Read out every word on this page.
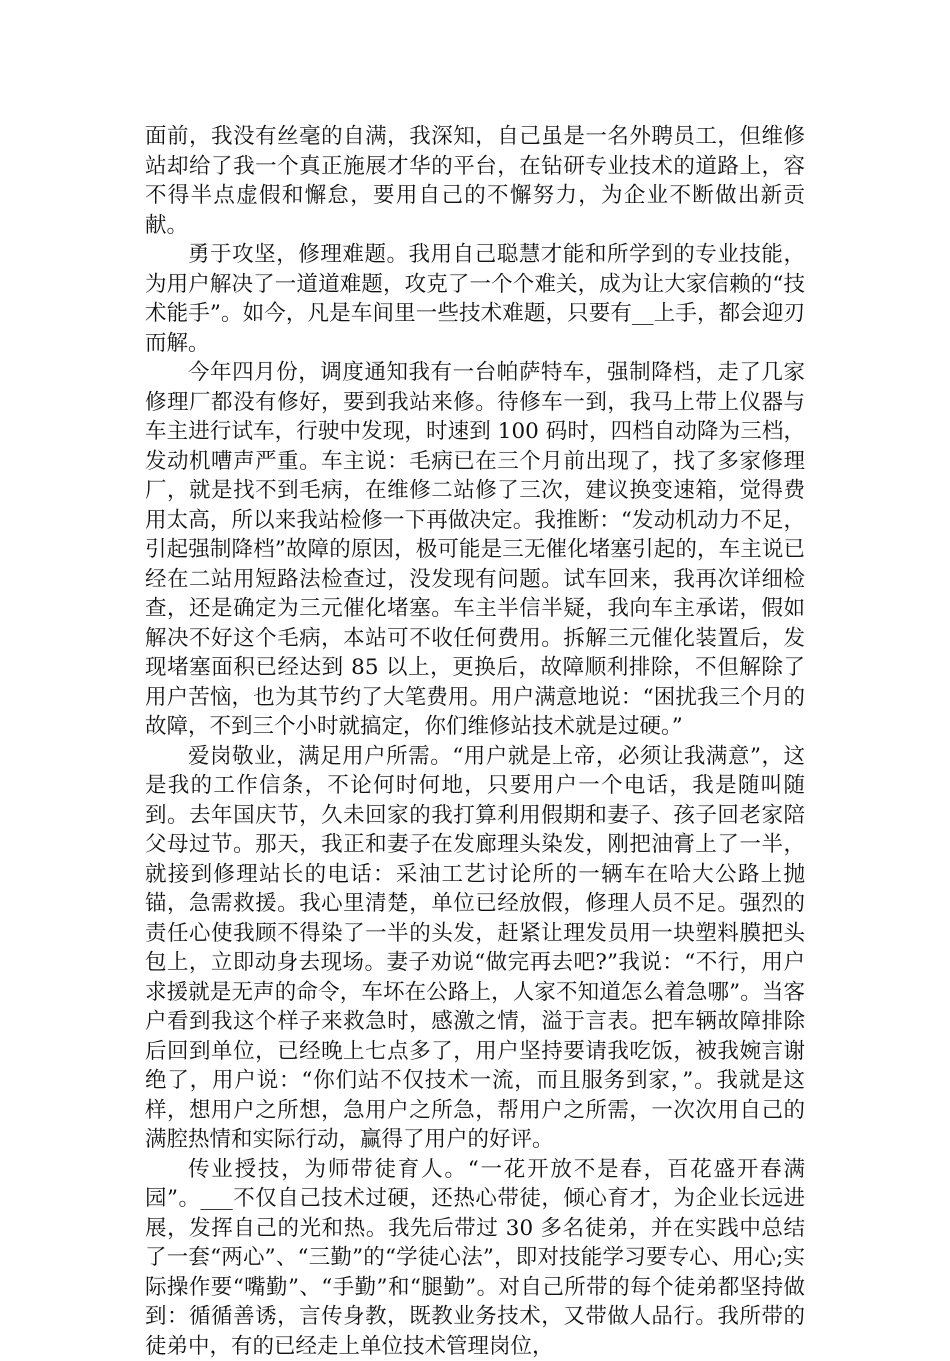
面前，我没有丝毫的自满，我深知，自己虽是一名外聘员工，但维修站却给了我一个真正施展才华的平台，在钻研专业技术的道路上，容不得半点虚假和懈怠，要用自己的不懈努力，为企业不断做出新贡献。

勇于攻坚，修理难题。我用自己聪慧才能和所学到的专业技能，为用户解决了一道道难题，攻克了一个个难关，成为让大家信赖的“技术能手”。如今，凡是车间里一些技术难题，只要有__上手，都会迎刃而解。

今年四月份，调度通知我有一台帕萨特车，强制降档，走了几家修理厂都没有修好，要到我站来修。待修车一到，我马上带上仪器与车主进行试车，行驶中发现，时速到 100 码时，四档自动降为三档，发动机嘈声严重。车主说：毛病已在三个月前出现了，找了多家修理厂，就是找不到毛病，在维修二站修了三次，建议换变速箱，觉得费用太高，所以来我站检修一下再做决定。我推断：“发动机动力不足，引起强制降档”故障的原因，极可能是三无催化堵塞引起的，车主说已经在二站用短路法检查过，没发现有问题。试车回来，我再次详细检查，还是确定为三元催化堵塞。车主半信半疑，我向车主承诺，假如解决不好这个毛病，本站可不收任何费用。拆解三元催化装置后，发现堵塞面积已经达到 85 以上，更换后，故障顺利排除，不但解除了用户苦恼，也为其节约了大笔费用。用户满意地说：“困扰我三个月的故障，不到三个小时就搞定，你们维修站技术就是过硬。”

爱岗敬业，满足用户所需。“用户就是上帝，必须让我满意”，这是我的工作信条，不论何时何地，只要用户一个电话，我是随叫随到。去年国庆节，久未回家的我打算利用假期和妻子、孩子回老家陪父母过节。那天，我正和妻子在发廊理头染发，刚把油膏上了一半，就接到修理站长的电话：采油工艺讨论所的一辆车在哈大公路上抛锚，急需救援。我心里清楚，单位已经放假，修理人员不足。强烈的责任心使我顾不得染了一半的头发，赶紧让理发员用一块塑料膜把头包上，立即动身去现场。妻子劝说“做完再去吧?”我说：“不行，用户求援就是无声的命令，车坏在公路上，人家不知道怎么着急哪”。当客户看到我这个样子来救急时，感激之情，溢于言表。把车辆故障排除后回到单位，已经晚上七点多了，用户坚持要请我吃饭，被我婉言谢绝了，用户说：“你们站不仅技术一流，而且服务到家，”。我就是这样，想用户之所想，急用户之所急，帮用户之所需，一次次用自己的满腔热情和实际行动，赢得了用户的好评。

传业授技，为师带徒育人。“一花开放不是春，百花盛开春满园”。___不仅自己技术过硬，还热心带徒，倾心育才，为企业长远进展，发挥自己的光和热。我先后带过 30 多名徒弟，并在实践中总结了一套“两心”、“三勤”的“学徒心法”，即对技能学习要专心、用心;实际操作要“嘴勤”、“手勤”和“腿勤”。对自己所带的每个徒弟都坚持做到：循循善诱，言传身教，既教业务技术，又带做人品行。我所带的徒弟中，有的已经走上单位技术管理岗位，
